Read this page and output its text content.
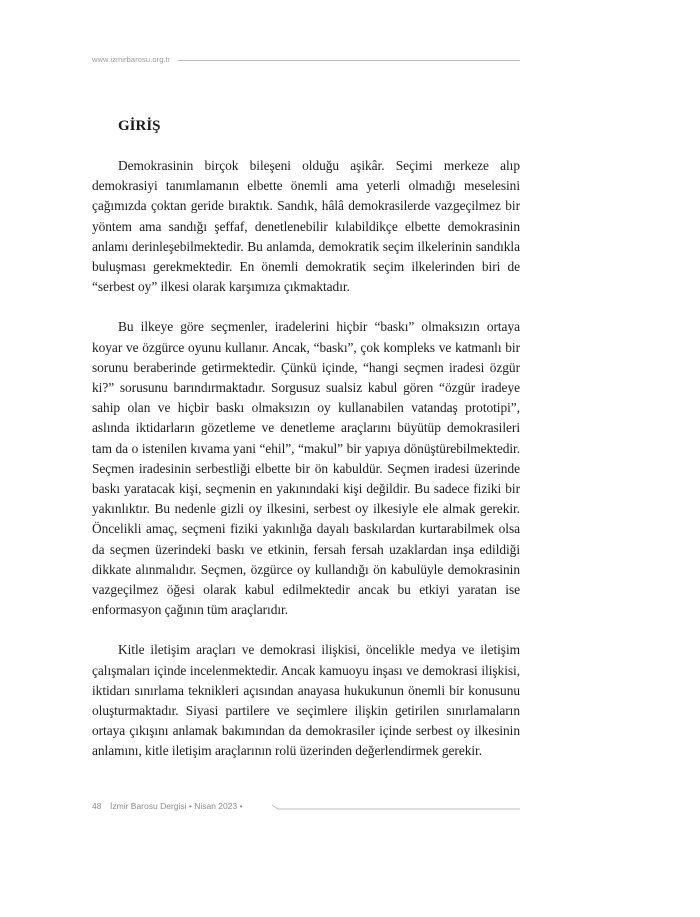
www.izmirbarosu.org.tr
GİRİŞ

Demokrasinin birçok bileşeni olduğu aşikâr. Seçimi merkeze alıp demokrasiyi tanımlamanın elbette önemli ama yeterli olmadığı meselesini çağımızda çoktan geride bıraktık. Sandık, hâlâ demokrasilerde vazgeçilmez bir yöntem ama sandığı şeffaf, denetlenebilir kılabildikçe elbette demokrasinin anlamı derinleşebilmektedir. Bu anlamda, demokratik seçim ilkelerinin sandıkla buluşması gerekmektedir. En önemli demokratik seçim ilkelerinden biri de “serbest oy” ilkesi olarak karşımıza çıkmaktadır.

Bu ilkeye göre seçmenler, iradelerini hiçbir “baskı” olmaksızın ortaya koyar ve özgürce oyunu kullanır. Ancak, “baskı”, çok kompleks ve katmanlı bir sorunu beraberinde getirmektedir. Çünkü içinde, “hangi seçmen iradesi özgür ki?” sorusunu barındırmaktadır. Sorgusuz sualsiz kabul gören “özgür iradeye sahip olan ve hiçbir baskı olmaksızın oy kullanabilen vatandaş prototipi”, aslında iktidarların gözetleme ve denetleme araçlarını büyütüp demokrasileri tam da o istenilen kıvama yani “ehil”, “makul” bir yapıya dönüştürebilmektedir. Seçmen iradesinin serbestliği elbette bir ön kabuldür. Seçmen iradesi üzerinde baskı yaratacak kişi, seçmenin en yakınındaki kişi değildir. Bu sadece fiziki bir yakınlıktır. Bu nedenle gizli oy ilkesini, serbest oy ilkesiyle ele almak gerekir. Öncelikli amaç, seçmeni fiziki yakınlığa dayalı baskılardan kurtarabilmek olsa da seçmen üzerindeki baskı ve etkinin, fersah fersah uzaklardan inşa edildiği dikkate alınmalıdır. Seçmen, özgürce oy kullandığı ön kabulüyle demokrasinin vazgeçilmez öğesi olarak kabul edilmektedir ancak bu etkiyi yaratan ise enformasyon çağının tüm araçlarıdır.

Kitle iletişim araçları ve demokrasi ilişkisi, öncelikle medya ve iletişim çalışmaları içinde incelenmektedir. Ancak kamuoyu inşası ve demokrasi ilişkisi, iktidarı sınırlama teknikleri açısından anayasa hukukunun önemli bir konusunu oluşturmaktadır. Siyasi partilere ve seçimlere ilişkin getirilen sınırlamaların ortaya çıkışını anlamak bakımından da demokrasiler içinde serbest oy ilkesinin anlamını, kitle iletişim araçlarının rolü üzerinden değerlendirmek gerekir.

48 İzmir Barosu Dergisi • Nisan 2023 •
